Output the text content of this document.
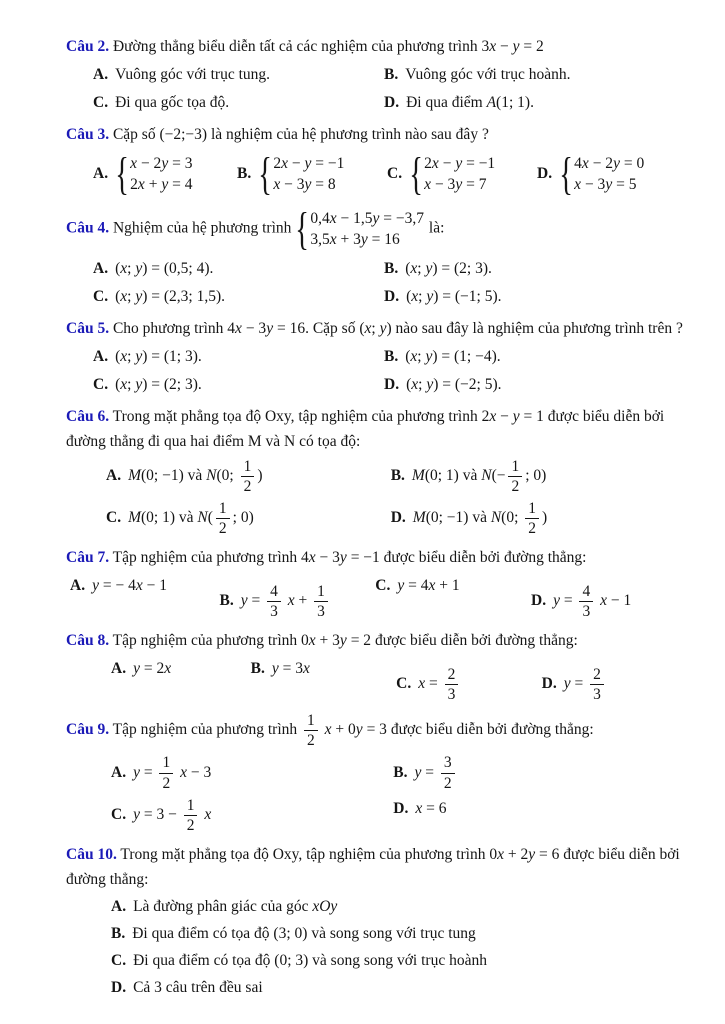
Câu 2. Đường thẳng biểu diễn tất cả các nghiệm của phương trình 3x − y = 2
A. Vuông góc với trục tung.	B. Vuông góc với trục hoành.
C. Đi qua gốc tọa độ.	D. Đi qua điểm A(1; 1).
Câu 3. Cặp số (−2;−3) là nghiệm của hệ phương trình nào sau đây ?
A. { x − 2y = 3
2x + y = 4
B. { 2x − y = −1
x − 3y = 8
C. { 2x − y = −1
x − 3y = 7
D. { 4x − 2y = 0
x − 3y = 5
Câu 4. Nghiệm của hệ phương trình { 0,4x − 1,5y = −3,7
3,5x + 3y = 16
là:
A. (x; y) = (0,5; 4).	B. (x; y) = (2; 3).
C. (x; y) = (2,3; 1,5).	D. (x; y) = (−1; 5).
Câu 5. Cho phương trình 4x − 3y = 16. Cặp số (x; y) nào sau đây là nghiệm của phương trình trên ?
A. (x; y) = (1; 3).	B. (x; y) = (1; −4).
C. (x; y) = (2; 3).	D. (x; y) = (−2; 5).
Câu 6. Trong mặt phẳng tọa độ Oxy, tập nghiệm của phương trình 2x − y = 1 được biểu diễn bởi đường thẳng đi qua hai điểm M và N có tọa độ:
A. M(0; −1) và N(0; $\frac{1}{2}$ )	B. M(0; 1) và $N(- \frac{1}{2}$ ; 0)
C. M(0; 1) và $N( \frac{1}{2}$ ; 0)	D. M(0; −1) và N(0; $\frac{1}{2}$ )
Câu 7. Tập nghiệm của phương trình 4x − 3y = −1 được biểu diễn bởi đường thẳng:
A. y = − 4x − 1
B. $y = \frac{4}{3}$ $x + \frac{1}{3}$	C. y = 4x + 1
D. $y = \frac{4}{3}$ x − 1
Câu 8. Tập nghiệm của phương trình 0x + 3y = 2 được biểu diễn bởi đường thẳng:
A. y = 2x	B. y = 3x
C. $x = \frac{2}{3}$	D. $y = \frac{2}{3}$
Câu 9. Tập nghiệm của phương trình $\frac{1}{2}$ x + 0y = 3 được biểu diễn bởi đường thẳng:
A. $y = \frac{1}{2}$ x − 3	B. $y = \frac{3}{2}$
C. $y = 3 - \frac{1}{2}$ x	D. x = 6
Câu 10. Trong mặt phẳng tọa độ Oxy, tập nghiệm của phương trình 0x + 2y = 6 được biểu diễn bởi đường thẳng:
A. Là đường phân giác của góc xOy
B. Đi qua điểm có tọa độ (3; 0) và song song với trục tung
C. Đi qua điểm có tọa độ (0; 3) và song song với trục hoành
D. Cả 3 câu trên đều sai
